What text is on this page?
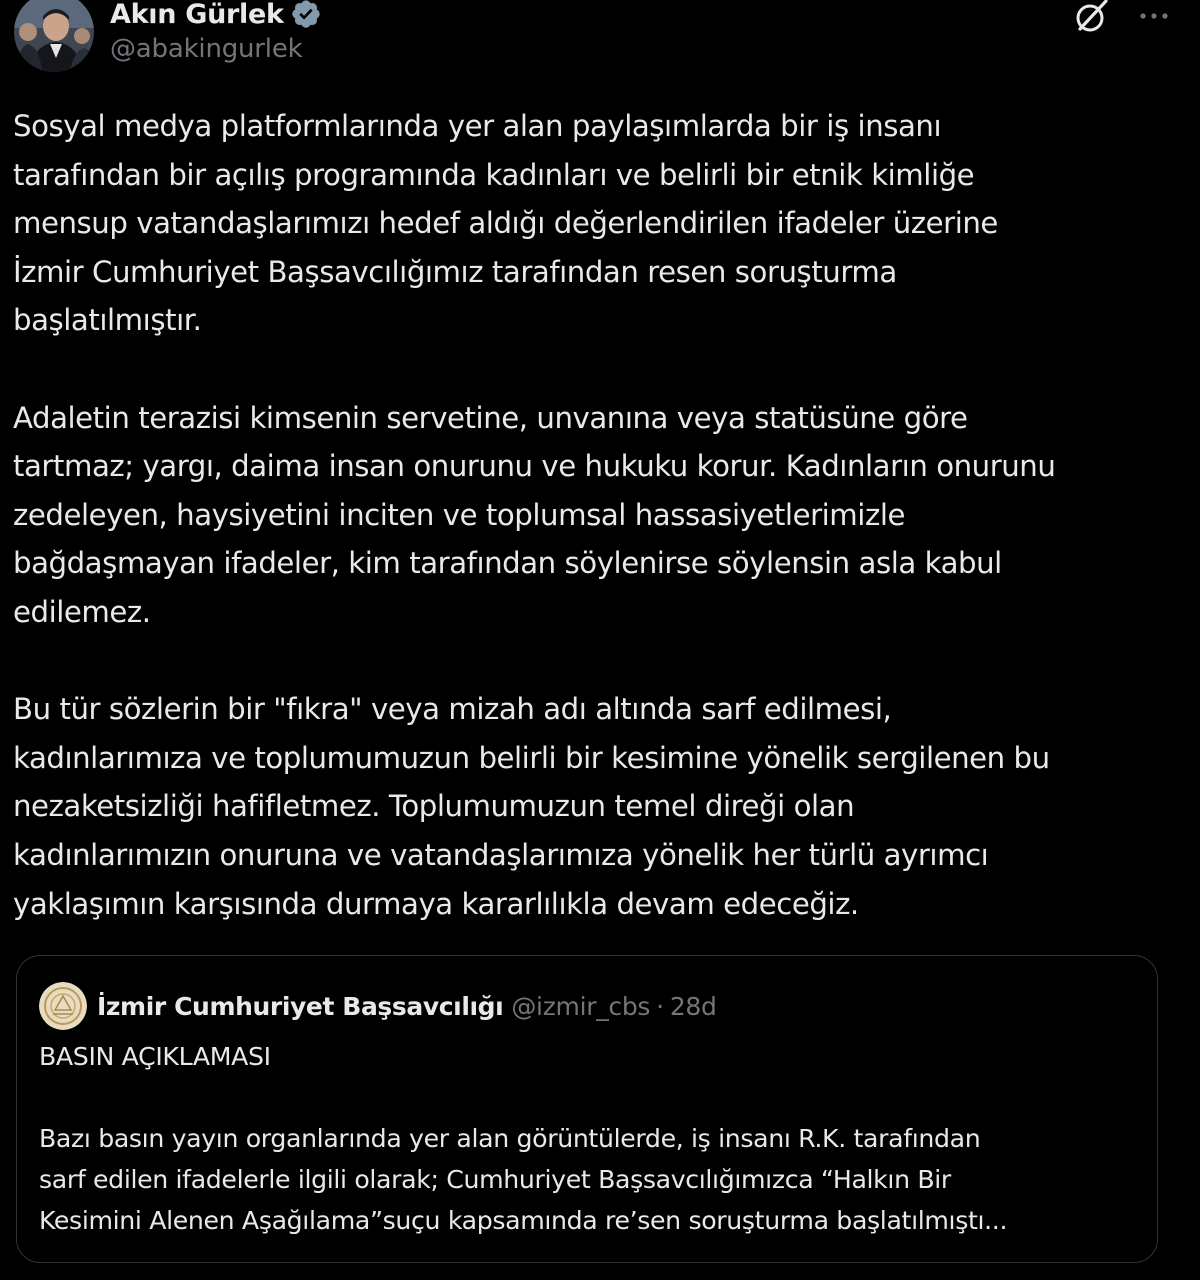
Akın Gürlek
@abakingurlek

Sosyal medya platformlarında yer alan paylaşımlarda bir iş insanı
tarafından bir açılış programında kadınları ve belirli bir etnik kimliğe
mensup vatandaşlarımızı hedef aldığı değerlendirilen ifadeler üzerine
İzmir Cumhuriyet Başsavcılığımız tarafından resen soruşturma
başlatılmıştır.

Adaletin terazisi kimsenin servetine, unvanına veya statüsüne göre
tartmaz; yargı, daima insan onurunu ve hukuku korur. Kadınların onurunu
zedeleyen, haysiyetini inciten ve toplumsal hassasiyetlerimizle
bağdaşmayan ifadeler, kim tarafından söylenirse söylensin asla kabul
edilemez.

Bu tür sözlerin bir "fıkra" veya mizah adı altında sarf edilmesi,
kadınlarımıza ve toplumumuzun belirli bir kesimine yönelik sergilenen bu
nezaketsizliği hafifletmez. Toplumumuzun temel direği olan
kadınlarımızın onuruna ve vatandaşlarımıza yönelik her türlü ayrımcı
yaklaşımın karşısında durmaya kararlılıkla devam edeceğiz.

İzmir Cumhuriyet Başsavcılığı @izmir_cbs · 28d

BASIN AÇIKLAMASI

Bazı basın yayın organlarında yer alan görüntülerde, iş insanı R.K. tarafından
sarf edilen ifadelerle ilgili olarak; Cumhuriyet Başsavcılığımızca “Halkın Bir
Kesimini Alenen Aşağılama”suçu kapsamında re’sen soruşturma başlatılmıştı...
